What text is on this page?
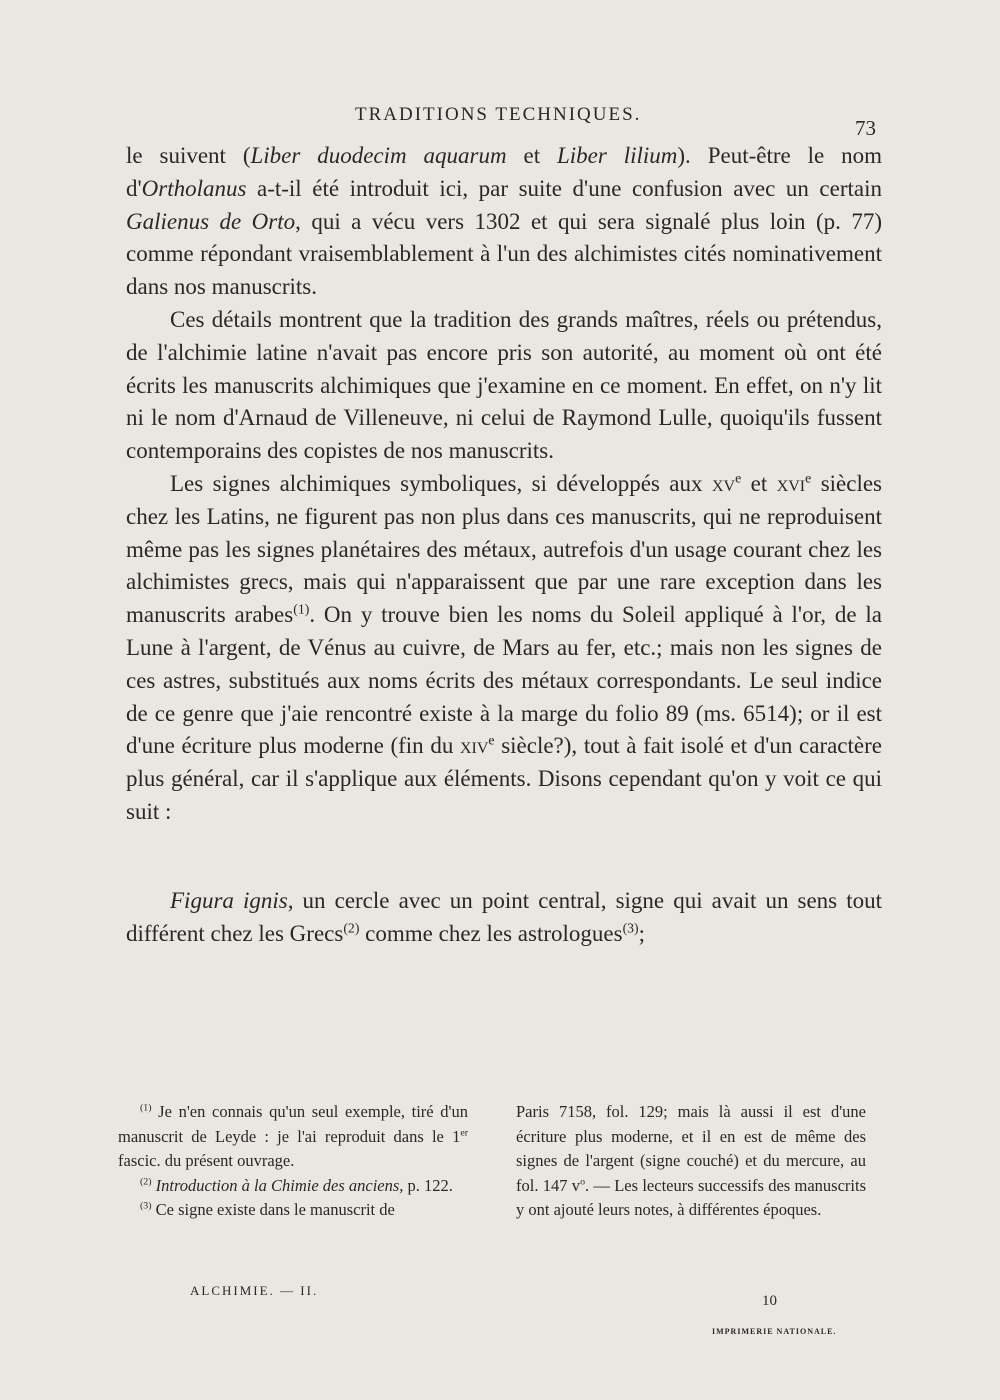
TRADITIONS TECHNIQUES.
73

le suivent (Liber duodecim aquarum et Liber lilium). Peut-être le nom d'Ortholanus a-t-il été introduit ici, par suite d'une confusion avec un certain Galienus de Orto, qui a vécu vers 1302 et qui sera signalé plus loin (p. 77) comme répondant vraisemblablement à l'un des alchimistes cités nominativement dans nos manuscrits.

Ces détails montrent que la tradition des grands maîtres, réels ou prétendus, de l'alchimie latine n'avait pas encore pris son autorité, au moment où ont été écrits les manuscrits alchimiques que j'examine en ce moment. En effet, on n'y lit ni le nom d'Arnaud de Villeneuve, ni celui de Raymond Lulle, quoiqu'ils fussent contemporains des copistes de nos manuscrits.

Les signes alchimiques symboliques, si développés aux $xv^e$ et xvi$^e$ siècles chez les Latins, ne figurent pas non plus dans ces manuscrits, qui ne reproduisent même pas les signes planétaires des métaux, autrefois d'un usage courant chez les alchimistes grecs, mais qui n'apparaissent que par une rare exception dans les manuscrits arabes$^{(1)}$. On y trouve bien les noms du Soleil appliqué à l'or, de la Lune à l'argent, de Vénus au cuivre, de Mars au fer, etc.; mais non les signes de ces astres, substitués aux noms écrits des métaux correspondants. Le seul indice de ce genre que j'aie rencontré existe à la marge du folio 89 (ms. 6514); or il est d'une écriture plus moderne (fin du xiv$^e$ siècle?), tout à fait isolé et d'un caractère plus général, car il s'applique aux éléments. Disons cependant qu'on y voit ce qui suit :

Figura ignis, un cercle avec un point central, signe qui avait un sens tout différent chez les Grecs$^{(2)}$ comme chez les astrologues$^{(3)}$;

$^{(1)}$ Je n'en connais qu'un seul exemple, tiré d'un manuscrit de Leyde : je l'ai reproduit dans le 1er fascic. du présent ouvrage.

$^{(2)}$ Introduction à la Chimie des anciens, p. 122.

$^{(3)}$ Ce signe existe dans le manuscrit de

Paris 7158, fol. 129; mais là aussi il est d'une écriture plus moderne, et il en est de même des signes de l'argent (signe couché) et du mercure, au fol. 147 $v^o$. — Les lecteurs successifs des manuscrits y ont ajouté leurs notes, à différentes époques.

ALCHIMIE. — II.
10
IMPRIMERIE NATIONALE.
